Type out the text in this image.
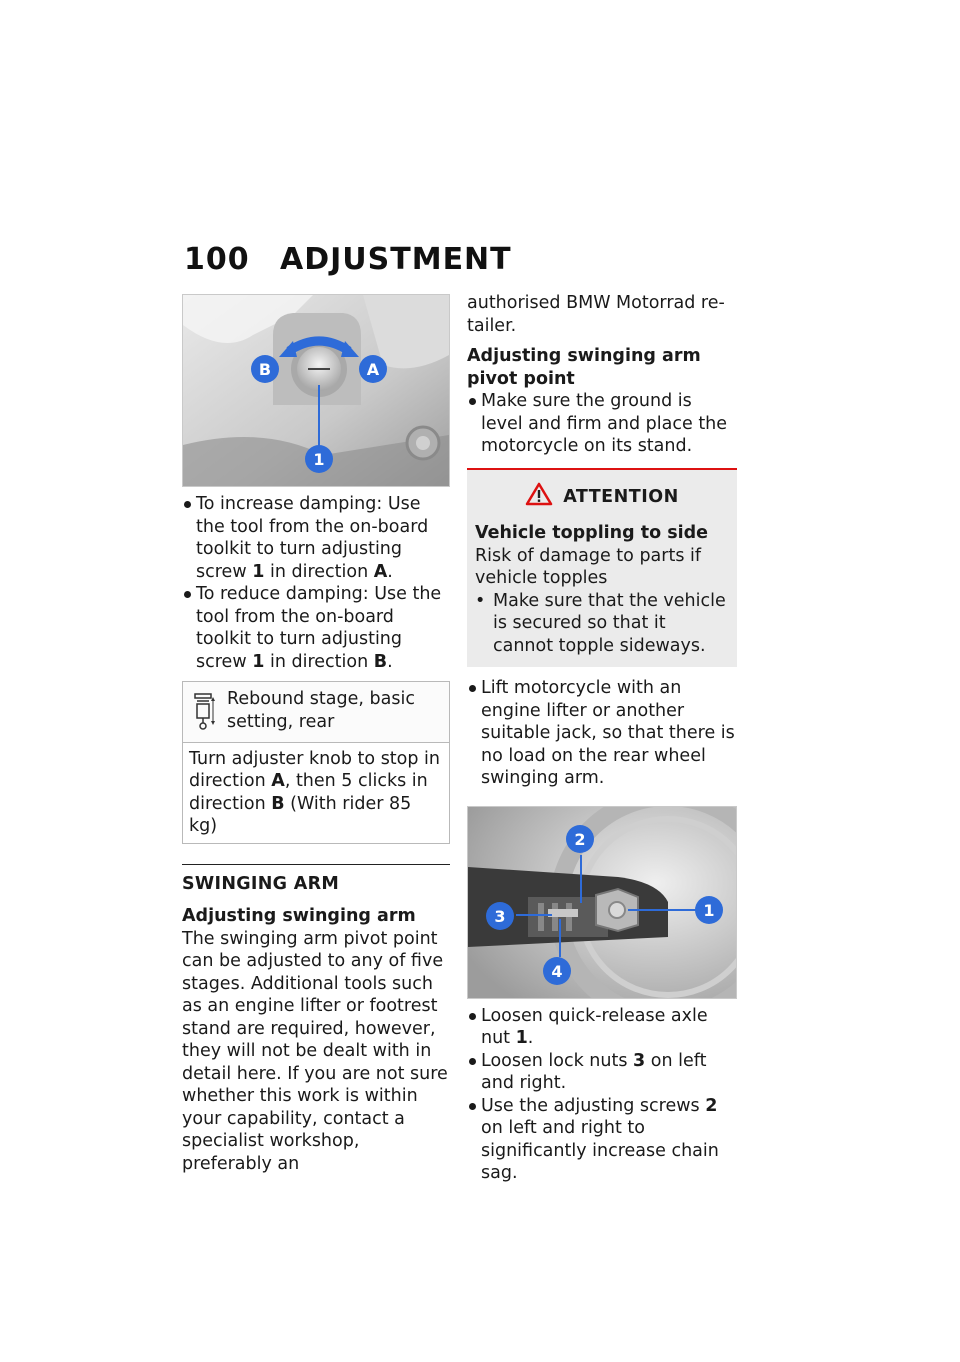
100 ADJUSTMENT
B	A
1

To increase damping: Use the tool from the on-board toolkit to turn adjusting screw 1 in direction A.

To reduce damping: Use the tool from the on-board toolkit to turn adjusting screw 1 in direction B.

Rebound stage, basic setting, rear
Turn adjuster knob to stop in direction A, then 5 clicks in direction B (With rider 85 kg)

SWINGING ARM

Adjusting swinging arm

The swinging arm pivot point can be adjusted to any of five stages. Additional tools such as an engine lifter or footrest stand are required, however, they will not be dealt with in detail here. If you are not sure whether this work is within your capability, contact a specialist workshop, preferably an

authorised BMW Motorrad re-tailer.

Adjusting swinging arm pivot point

Make sure the ground is level and firm and place the motorcycle on its stand.

ATTENTION

Vehicle toppling to side

Risk of damage to parts if vehicle topples

• Make sure that the vehicle is secured so that it cannot topple sideways.

Lift motorcycle with an engine lifter or another suitable jack, so that there is no load on the rear wheel swinging arm.

2
3
4
1

Loosen quick-release axle nut 1.

Loosen lock nuts 3 on left and right.

Use the adjusting screws 2 on left and right to significantly increase chain sag.
